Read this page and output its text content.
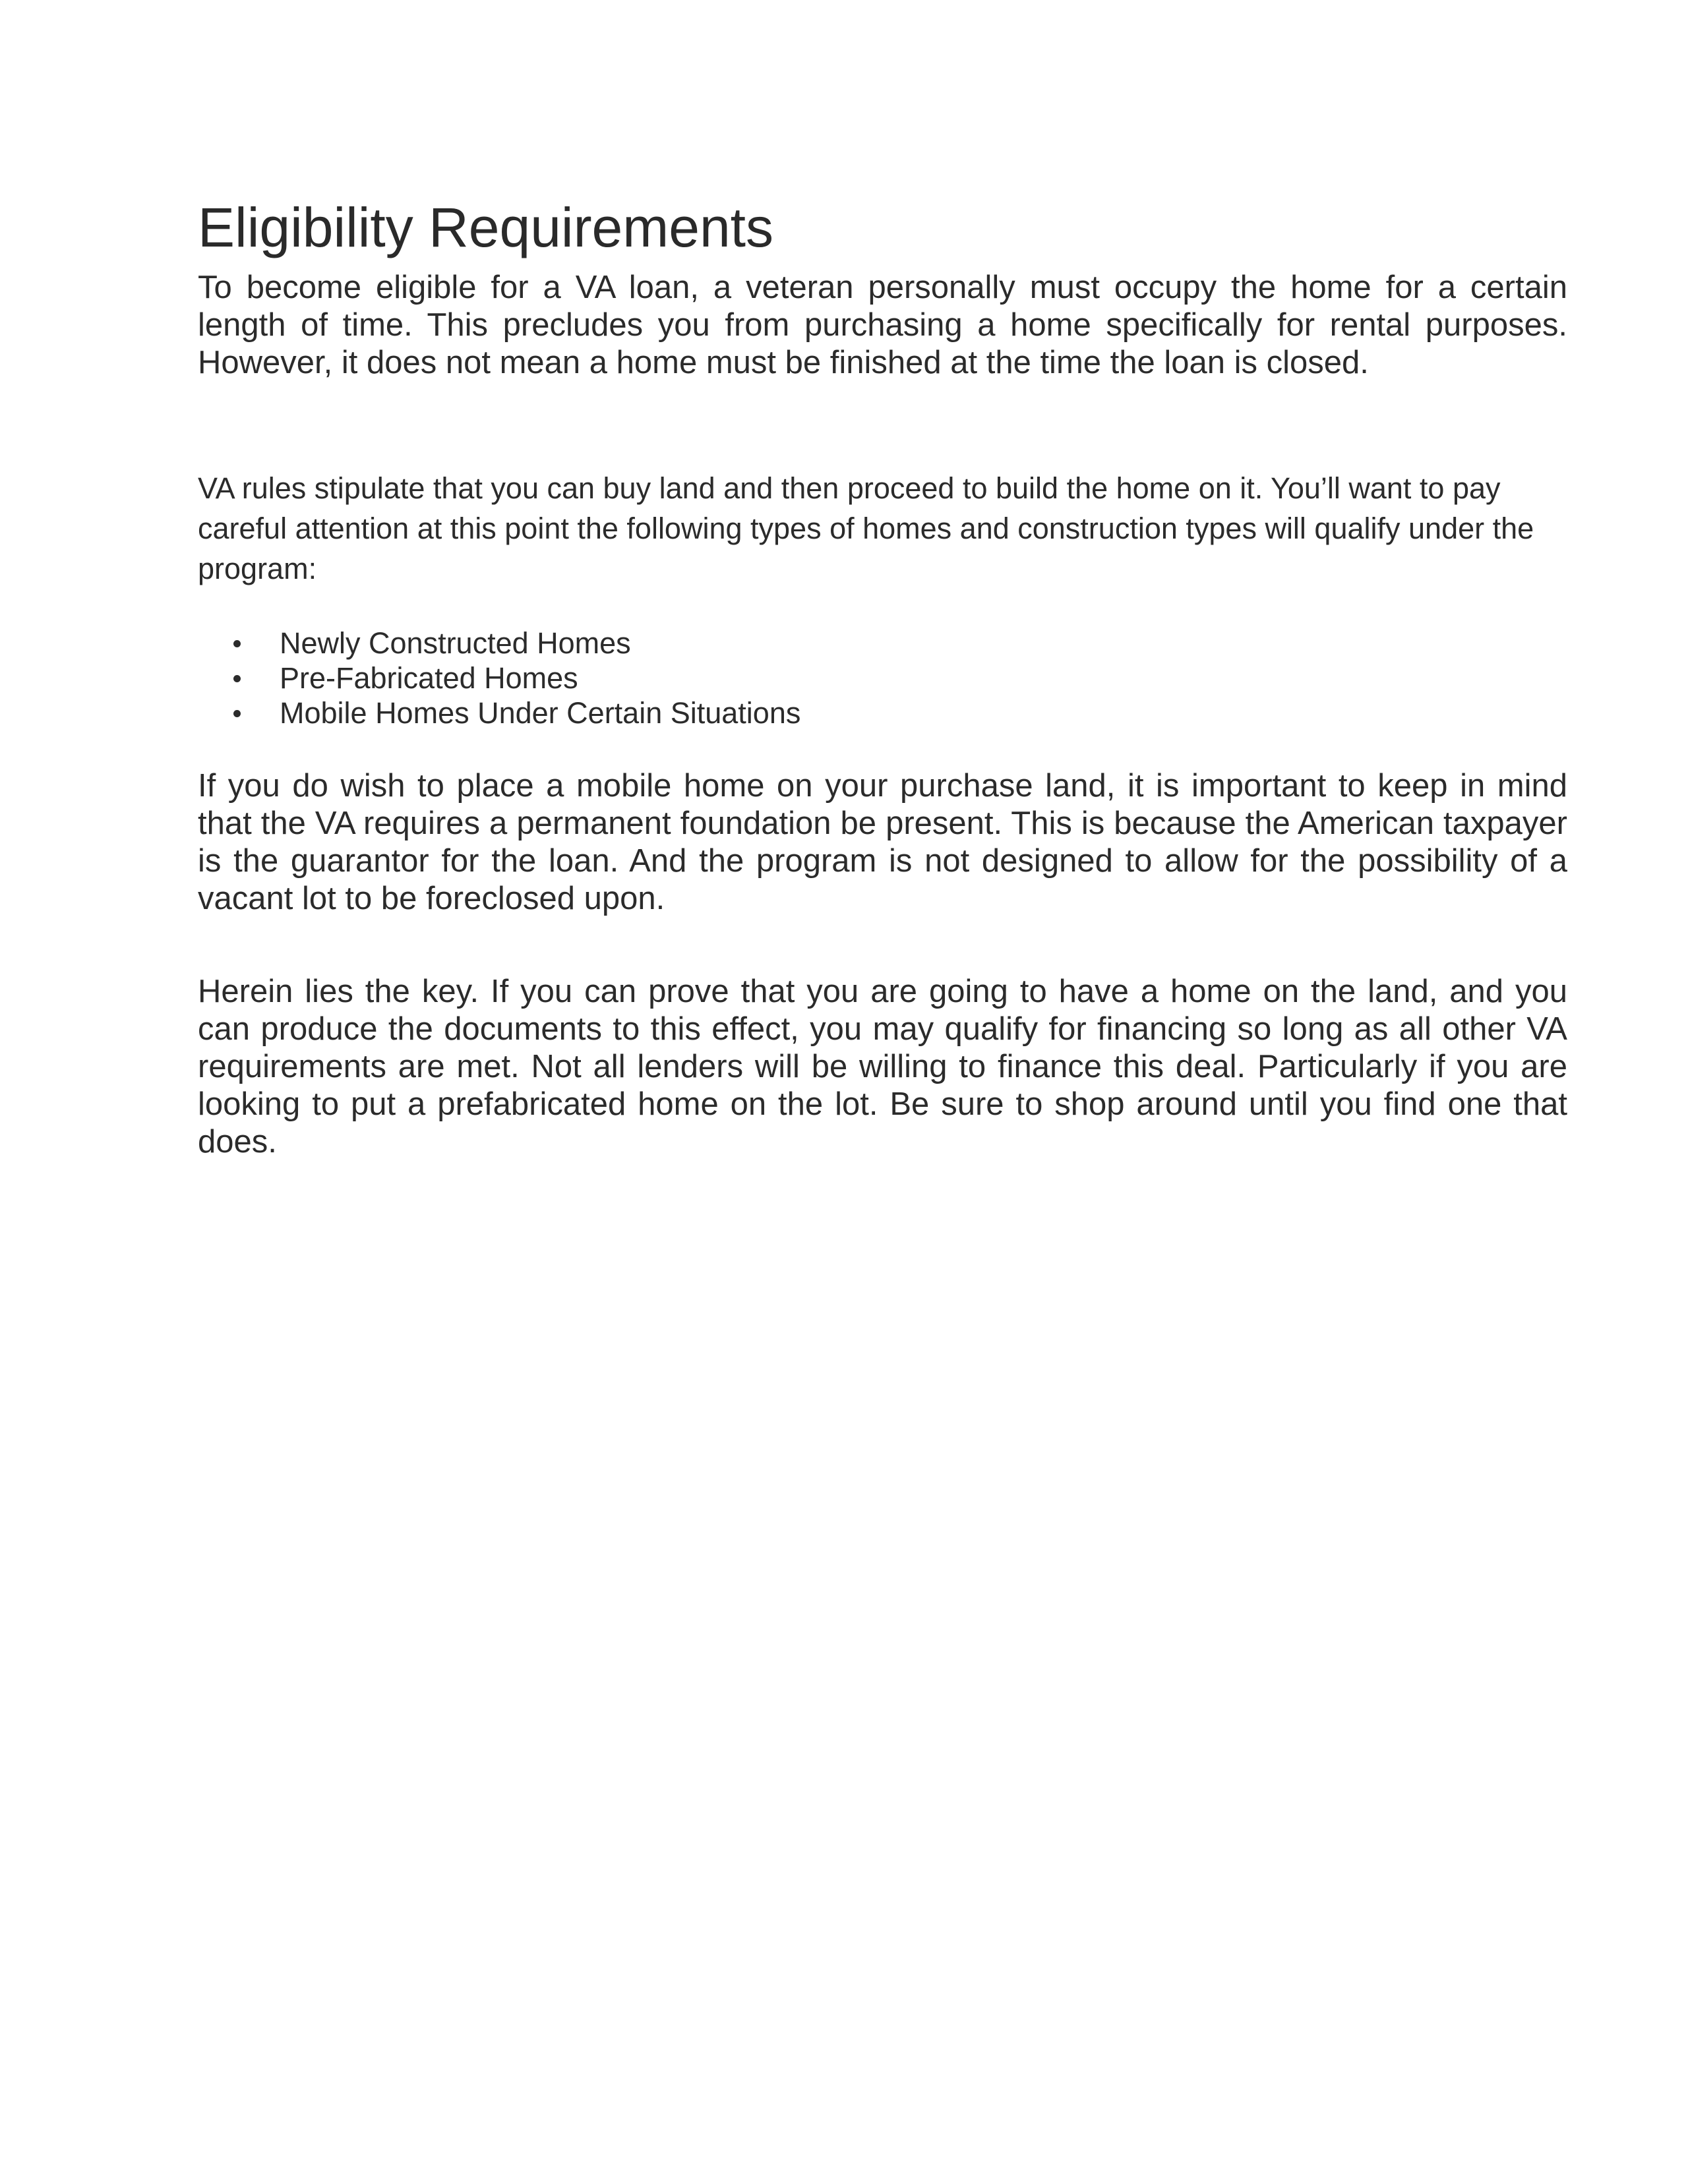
Eligibility Requirements

To become eligible for a VA loan, a veteran personally must occupy the home for a certain length of time. This precludes you from purchasing a home specifically for rental purposes. However, it does not mean a home must be finished at the time the loan is closed.

VA rules stipulate that you can buy land and then proceed to build the home on it. You’ll want to pay careful attention at this point the following types of homes and construction types will qualify under the program:

Newly Constructed Homes
Pre-Fabricated Homes
Mobile Homes Under Certain Situations

If you do wish to place a mobile home on your purchase land, it is important to keep in mind that the VA requires a permanent foundation be present. This is because the American taxpayer is the guarantor for the loan. And the program is not designed to allow for the possibility of a vacant lot to be foreclosed upon.

Herein lies the key. If you can prove that you are going to have a home on the land, and you can produce the documents to this effect, you may qualify for financing so long as all other VA requirements are met. Not all lenders will be willing to finance this deal. Particularly if you are looking to put a prefabricated home on the lot. Be sure to shop around until you find one that does.
